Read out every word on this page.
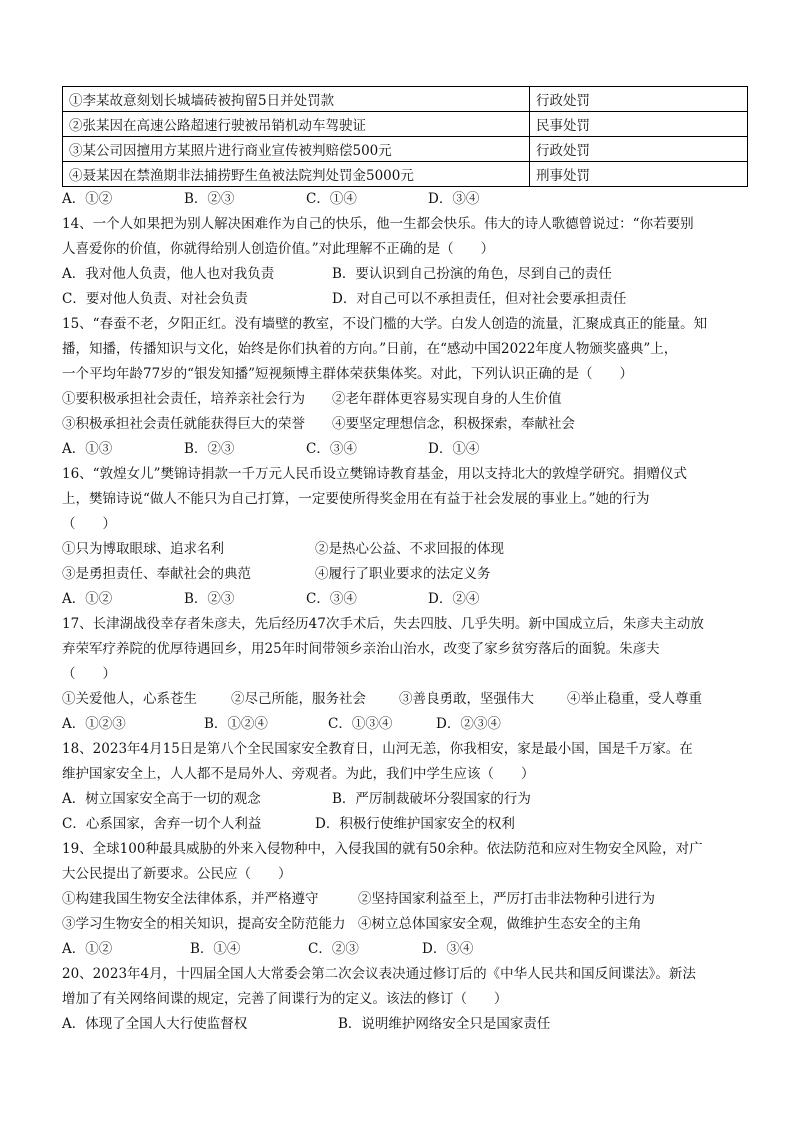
①李某故意刻划长城墙砖被拘留5日并处罚款	行政处罚
②张某因在高速公路超速行驶被吊销机动车驾驶证	民事处罚
③某公司因擅用方某照片进行商业宣传被判赔偿500元	行政处罚
④聂某因在禁渔期非法捕捞野生鱼被法院判处罚金5000元	刑事处罚
A．①②	B．②③	C．①④	D．③④
14、一个人如果把为别人解决困难作为自己的快乐，他一生都会快乐。伟大的诗人歌德曾说过：“你若要别
人喜爱你的价值，你就得给别人创造价值。”对此理解不正确的是（　　）
A．我对他人负责，他人也对我负责	B．要认识到自己扮演的角色，尽到自己的责任
C．要对他人负责、对社会负责	D．对自己可以不承担责任，但对社会要承担责任
15、“春蚕不老，夕阳正红。没有墙壁的教室，不设门槛的大学。白发人创造的流量，汇聚成真正的能量。知
播，知播，传播知识与文化，始终是你们执着的方向。”日前，在“感动中国2022年度人物颁奖盛典”上，
一个平均年龄77岁的“银发知播”短视频博主群体荣获集体奖。对此，下列认识正确的是（　　）
①要积极承担社会责任，培养亲社会行为	②老年群体更容易实现自身的人生价值
③积极承担社会责任就能获得巨大的荣誉	④要坚定理想信念，积极探索，奉献社会
A．①③	B．②③	C．③④	D．①④
16、“敦煌女儿”樊锦诗捐款一千万元人民币设立樊锦诗教育基金，用以支持北大的敦煌学研究。捐赠仪式
上，樊锦诗说“做人不能只为自己打算，一定要使所得奖金用在有益于社会发展的事业上。”她的行为
（　　）
①只为博取眼球、追求名利	②是热心公益、不求回报的体现
③是勇担责任、奉献社会的典范	④履行了职业要求的法定义务
A．①②	B．②③	C．③④	D．②④
17、长津湖战役幸存者朱彦夫，先后经历47次手术后，失去四肢、几乎失明。新中国成立后，朱彦夫主动放
弃荣军疗养院的优厚待遇回乡，用25年时间带领乡亲治山治水，改变了家乡贫穷落后的面貌。朱彦夫
（　　）
①关爱他人，心系苍生	②尽己所能，服务社会	③善良勇敢，坚强伟大	④举止稳重，受人尊重
A．①②③	B．①②④	C．①③④	D．②③④
18、2023年4月15日是第八个全民国家安全教育日，山河无恙，你我相安，家是最小国，国是千万家。在
维护国家安全上，人人都不是局外人、旁观者。为此，我们中学生应该（　　）
A．树立国家安全高于一切的观念	B．严厉制裁破坏分裂国家的行为
C．心系国家，舍弃一切个人利益	D．积极行使维护国家安全的权利
19、全球100种最具威胁的外来入侵物种中，入侵我国的就有50余种。依法防范和应对生物安全风险，对广
大公民提出了新要求。公民应（　　）
①构建我国生物安全法律体系，并严格遵守	②坚持国家利益至上，严厉打击非法物种引进行为
③学习生物安全的相关知识，提高安全防范能力 ④树立总体国家安全观，做维护生态安全的主角
A．①②	B．①④	C．②③	D．③④
20、2023年4月，十四届全国人大常委会第二次会议表决通过修订后的《中华人民共和国反间谍法》。新法
增加了有关网络间谍的规定，完善了间谍行为的定义。该法的修订（　　）
A．体现了全国人大行使监督权	B．说明维护网络安全只是国家责任
